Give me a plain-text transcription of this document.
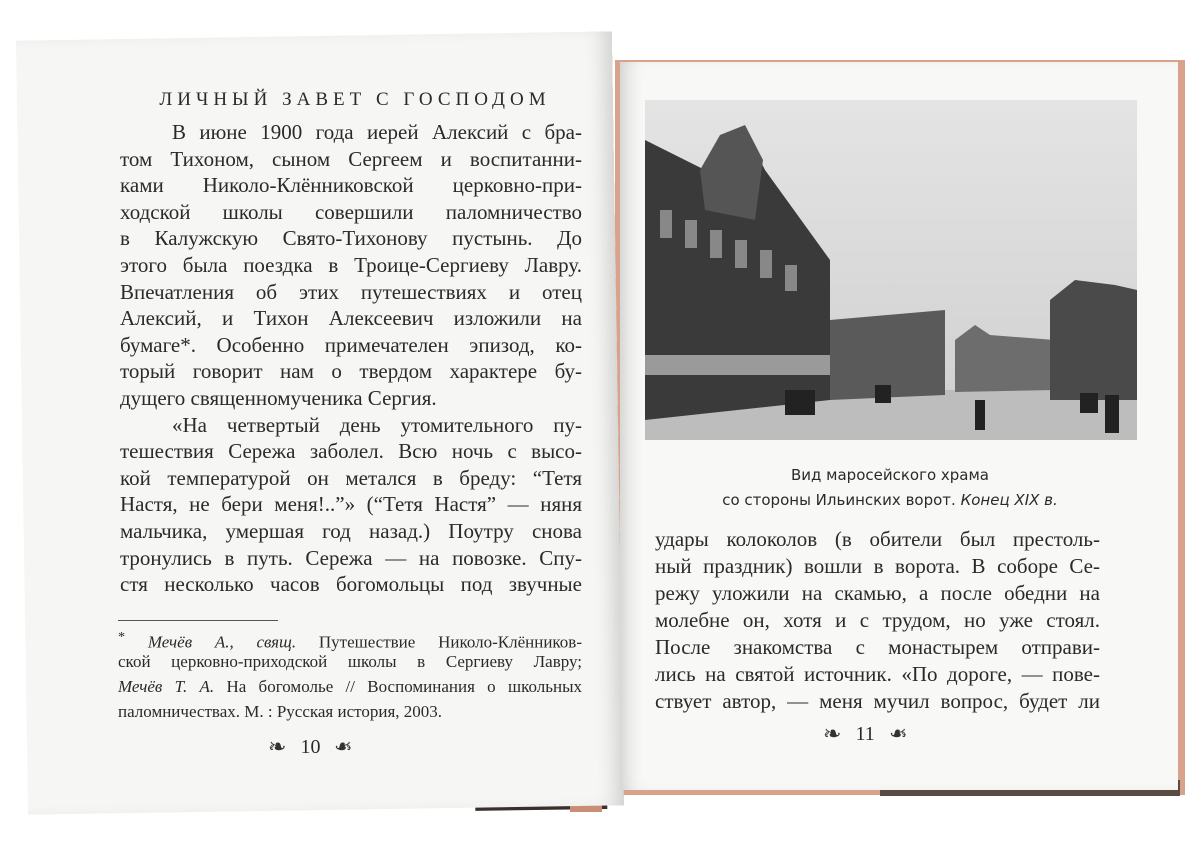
ЛИЧНЫЙ ЗАВЕТ С ГОСПОДОМ
В июне 1900 года иерей Алексий с бра-
том Тихоном, сыном Сергеем и воспитанни-
ками Николо-Клённиковской церковно-при-
ходской школы совершили паломничество
в Калужскую Свято-Тихонову пустынь. До
этого была поездка в Троице-Сергиеву Лавру.
Впечатления об этих путешествиях и отец
Алексий, и Тихон Алексеевич изложили на
бумаге*. Особенно примечателен эпизод, ко-
торый говорит нам о твердом характере бу-
дущего священномученика Сергия.
«На четвертый день утомительного пу-
тешествия Сережа заболел. Всю ночь с высо-
кой температурой он метался в бреду: “Тетя
Настя, не бери меня!..”» (“Тетя Настя” — няня
мальчика, умершая год назад.) Поутру снова
тронулись в путь. Сережа — на повозке. Спу-
стя несколько часов богомольцы под звучные
* Мечёв А., свящ. Путешествие Николо-Клёнников-
ской церковно-приходской школы в Сергиеву Лавру;
Мечёв Т. А. На богомолье // Воспоминания о школьных
паломничествах. М. : Русская история, 2003.
❧ 10 ❧
Вид маросейского храма
со стороны Ильинских ворот. Конец XIX в.
удары колоколов (в обители был престоль-
ный праздник) вошли в ворота. В соборе Се-
режу уложили на скамью, а после обедни на
молебне он, хотя и с трудом, но уже стоял.
После знакомства с монастырем отправи-
лись на святой источник. «По дороге, — пове-
ствует автор, — меня мучил вопрос, будет ли
❧ 11 ❧
